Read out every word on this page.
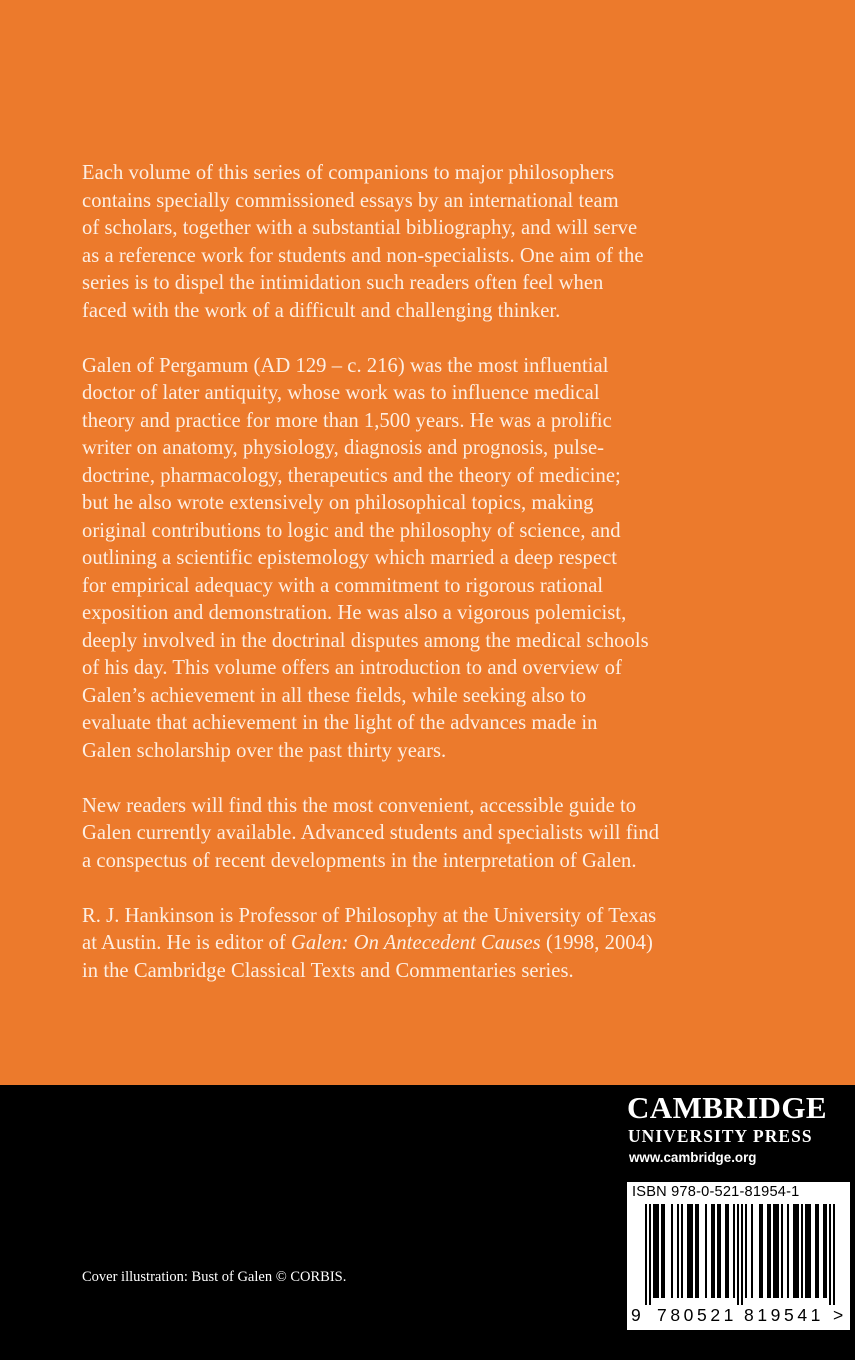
Each volume of this series of companions to major philosophers
contains specially commissioned essays by an international team
of scholars, together with a substantial bibliography, and will serve
as a reference work for students and non-specialists. One aim of the
series is to dispel the intimidation such readers often feel when
faced with the work of a difficult and challenging thinker.

Galen of Pergamum (AD 129 – c. 216) was the most influential
doctor of later antiquity, whose work was to influence medical
theory and practice for more than 1,500 years. He was a prolific
writer on anatomy, physiology, diagnosis and prognosis, pulse-
doctrine, pharmacology, therapeutics and the theory of medicine;
but he also wrote extensively on philosophical topics, making
original contributions to logic and the philosophy of science, and
outlining a scientific epistemology which married a deep respect
for empirical adequacy with a commitment to rigorous rational
exposition and demonstration. He was also a vigorous polemicist,
deeply involved in the doctrinal disputes among the medical schools
of his day. This volume offers an introduction to and overview of
Galen’s achievement in all these fields, while seeking also to
evaluate that achievement in the light of the advances made in
Galen scholarship over the past thirty years.

New readers will find this the most convenient, accessible guide to
Galen currently available. Advanced students and specialists will find
a conspectus of recent developments in the interpretation of Galen.

R. J. Hankinson is Professor of Philosophy at the University of Texas
at Austin. He is editor of Galen: On Antecedent Causes (1998, 2004)
in the Cambridge Classical Texts and Commentaries series.

Cover illustration: Bust of Galen © CORBIS.
CAMBRIDGE
UNIVERSITY PRESS
www.cambridge.org
ISBN 978-0-521-81954-1
9 780521 819541 >
